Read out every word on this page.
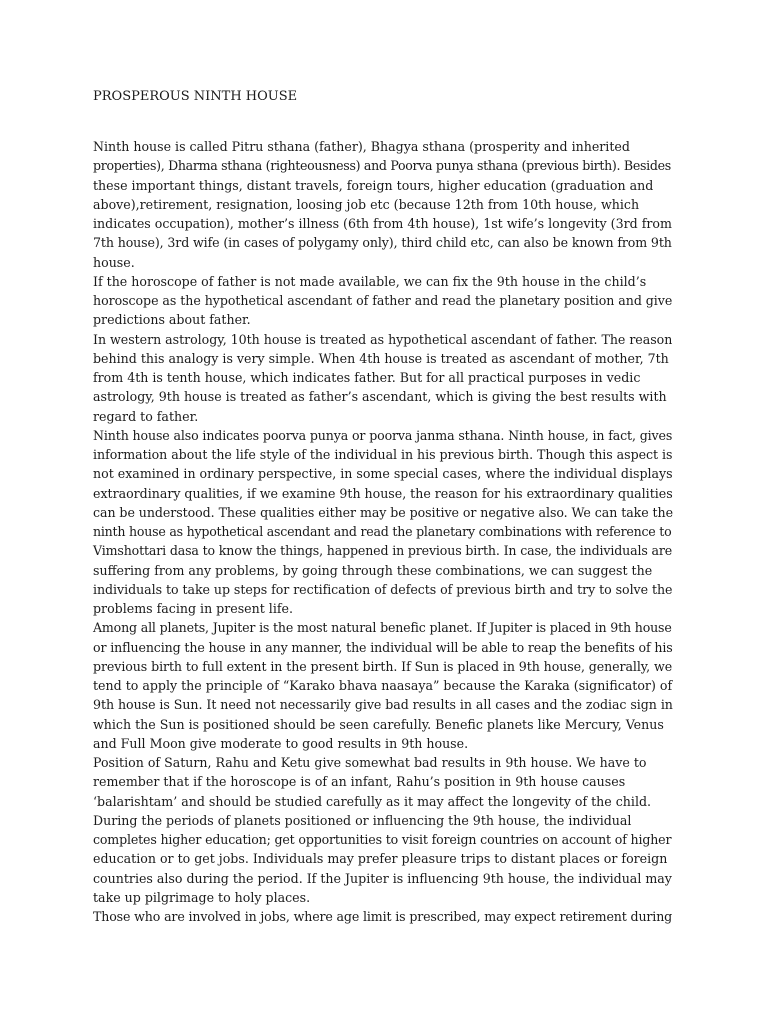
PROSPEROUS NINTH HOUSE
Ninth house is called Pitru sthana (father), Bhagya sthana (prosperity and inherited
properties), Dharma sthana (righteousness) and Poorva punya sthana (previous birth). Besides
these important things, distant travels, foreign tours, higher education (graduation and
above),retirement, resignation, loosing job etc (because 12th from 10th house, which
indicates occupation), mother’s illness (6th from 4th house), 1st wife’s longevity (3rd from
7th house), 3rd wife (in cases of polygamy only), third child etc, can also be known from 9th
house.
If the horoscope of father is not made available, we can fix the 9th house in the child’s
horoscope as the hypothetical ascendant of father and read the planetary position and give
predictions about father.
In western astrology, 10th house is treated as hypothetical ascendant of father. The reason
behind this analogy is very simple. When 4th house is treated as ascendant of mother, 7th
from 4th is tenth house, which indicates father. But for all practical purposes in vedic
astrology, 9th house is treated as father’s ascendant, which is giving the best results with
regard to father.
Ninth house also indicates poorva punya or poorva janma sthana. Ninth house, in fact, gives
information about the life style of the individual in his previous birth. Though this aspect is
not examined in ordinary perspective, in some special cases, where the individual displays
extraordinary qualities, if we examine 9th house, the reason for his extraordinary qualities
can be understood. These qualities either may be positive or negative also. We can take the
ninth house as hypothetical ascendant and read the planetary combinations with reference to
Vimshottari dasa to know the things, happened in previous birth. In case, the individuals are
suffering from any problems, by going through these combinations, we can suggest the
individuals to take up steps for rectification of defects of previous birth and try to solve the
problems facing in present life.
Among all planets, Jupiter is the most natural benefic planet. If Jupiter is placed in 9th house
or influencing the house in any manner, the individual will be able to reap the benefits of his
previous birth to full extent in the present birth. If Sun is placed in 9th house, generally, we
tend to apply the principle of “Karako bhava naasaya” because the Karaka (significator) of
9th house is Sun. It need not necessarily give bad results in all cases and the zodiac sign in
which the Sun is positioned should be seen carefully. Benefic planets like Mercury, Venus
and Full Moon give moderate to good results in 9th house.
Position of Saturn, Rahu and Ketu give somewhat bad results in 9th house. We have to
remember that if the horoscope is of an infant, Rahu’s position in 9th house causes
‘balarishtam’ and should be studied carefully as it may affect the longevity of the child.
During the periods of planets positioned or influencing the 9th house, the individual
completes higher education; get opportunities to visit foreign countries on account of higher
education or to get jobs. Individuals may prefer pleasure trips to distant places or foreign
countries also during the period. If the Jupiter is influencing 9th house, the individual may
take up pilgrimage to holy places.
Those who are involved in jobs, where age limit is prescribed, may expect retirement during
